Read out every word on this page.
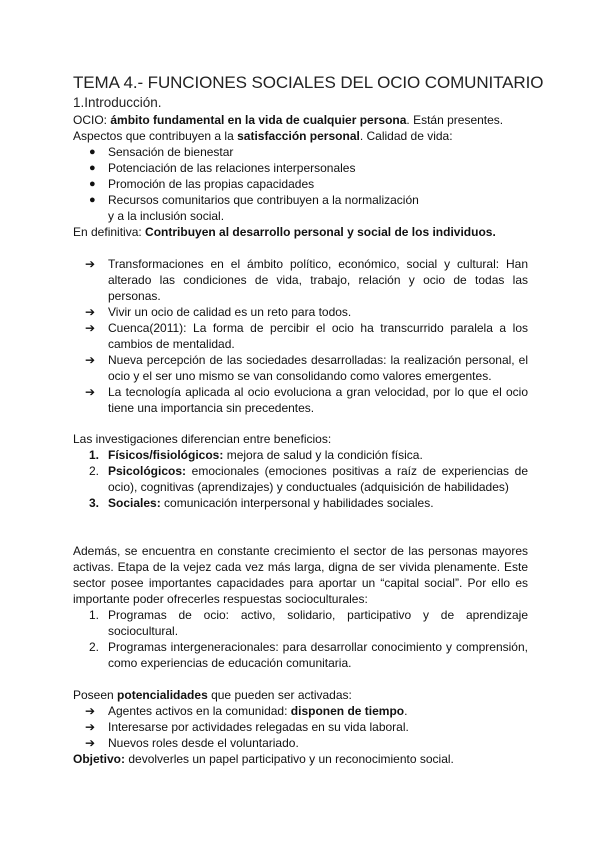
TEMA 4.- FUNCIONES SOCIALES DEL OCIO COMUNITARIO
1.Introducción.

OCIO: ámbito fundamental en la vida de cualquier persona. Están presentes.

Aspectos que contribuyen a la satisfacción personal. Calidad de vida:

● Sensación de bienestar
● Potenciación de las relaciones interpersonales
● Promoción de las propias capacidades
● Recursos comunitarios que contribuyen a la normalización y a la inclusión social.

En definitiva: Contribuyen al desarrollo personal y social de los individuos.

➔ Transformaciones en el ámbito político, económico, social y cultural: Han alterado las condiciones de vida, trabajo, relación y ocio de todas las personas.
➔ Vivir un ocio de calidad es un reto para todos.
➔ Cuenca(2011): La forma de percibir el ocio ha transcurrido paralela a los cambios de mentalidad.
➔ Nueva percepción de las sociedades desarrolladas: la realización personal, el ocio y el ser uno mismo se van consolidando como valores emergentes.
➔ La tecnología aplicada al ocio evoluciona a gran velocidad, por lo que el ocio tiene una importancia sin precedentes.

Las investigaciones diferencian entre beneficios:

1. Físicos/fisiológicos: mejora de salud y la condición física.
2. Psicológicos: emocionales (emociones positivas a raíz de experiencias de ocio), cognitivas (aprendizajes) y conductuales (adquisición de habilidades)
3. Sociales: comunicación interpersonal y habilidades sociales.

Además, se encuentra en constante crecimiento el sector de las personas mayores activas. Etapa de la vejez cada vez más larga, digna de ser vivida plenamente. Este sector posee importantes capacidades para aportar un “capital social”. Por ello es importante poder ofrecerles respuestas socioculturales:

1. Programas de ocio: activo, solidario, participativo y de aprendizaje sociocultural.
2. Programas intergeneracionales: para desarrollar conocimiento y comprensión, como experiencias de educación comunitaria.

Poseen potencialidades que pueden ser activadas:

➔ Agentes activos en la comunidad: disponen de tiempo.
➔ Interesarse por actividades relegadas en su vida laboral.
➔ Nuevos roles desde el voluntariado.

Objetivo: devolverles un papel participativo y un reconocimiento social.
